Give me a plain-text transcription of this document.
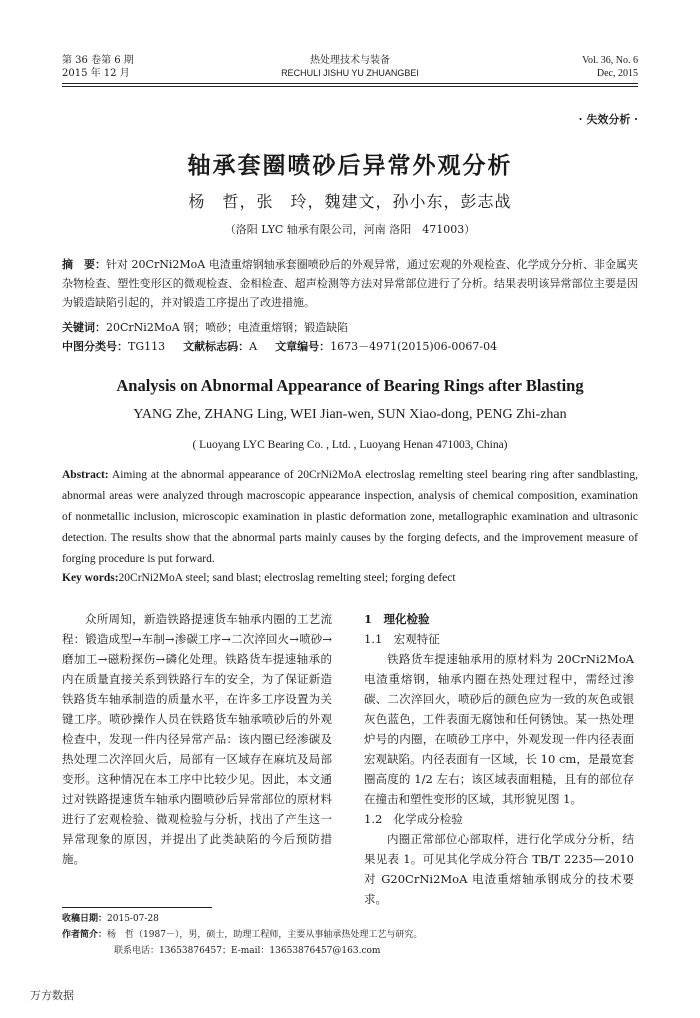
第 36 卷第 6 期
2015 年 12 月
热处理技术与装备
RECHULI JISHU YU ZHUANGBEI
Vol. 36, No. 6
Dec, 2015
· 失效分析 ·
轴承套圈喷砂后异常外观分析
杨　哲，张　玲，魏建文，孙小东，彭志战
（洛阳 LYC 轴承有限公司，河南 洛阳　471003）
摘　要：针对 20CrNi2MoA 电渣重熔钢轴承套圈喷砂后的外观异常，通过宏观的外观检查、化学成分分析、非金属夹杂物检查、塑性变形区的微观检查、金相检查、超声检测等方法对异常部位进行了分析。结果表明该异常部位主要是因为锻造缺陷引起的，并对锻造工序提出了改进措施。
关键词：20CrNi2MoA 钢；喷砂；电渣重熔钢；锻造缺陷
中图分类号：TG113 文献标志码：A 文章编号：1673－4971(2015)06-0067-04
Analysis on Abnormal Appearance of Bearing Rings after Blasting
YANG Zhe, ZHANG Ling, WEI Jian-wen, SUN Xiao-dong, PENG Zhi-zhan
( Luoyang LYC Bearing Co. , Ltd. , Luoyang Henan 471003, China)
Abstract: Aiming at the abnormal appearance of 20CrNi2MoA electroslag remelting steel bearing ring after sandblasting, abnormal areas were analyzed through macroscopic appearance inspection, analysis of chemical composition, examination of nonmetallic inclusion, microscopic examination in plastic deformation zone, metallographic examination and ultrasonic detection. The results show that the abnormal parts mainly causes by the forging defects, and the improvement measure of forging procedure is put forward.
Key words:20CrNi2MoA steel; sand blast; electroslag remelting steel; forging defect

众所周知，新造铁路提速货车轴承内圈的工艺流程：锻造成型→车制→渗碳工序→二次淬回火→喷砂→磨加工→磁粉探伤→磷化处理。铁路货车提速轴承的内在质量直接关系到铁路行车的安全，为了保证新造铁路货车轴承制造的质量水平，在许多工序设置为关键工序。喷砂操作人员在铁路货车轴承喷砂后的外观检查中，发现一件内径异常产品：该内圈已经渗碳及热处理二次淬回火后，局部有一区域存在麻坑及局部变形。这种情况在本工序中比较少见。因此，本文通过对铁路提速货车轴承内圈喷砂后异常部位的原材料进行了宏观检验、微观检验与分析，找出了产生这一异常现象的原因，并提出了此类缺陷的今后预防措施。

1　理化检验
1.1　宏观特征

铁路货车提速轴承用的原材料为 20CrNi2MoA 电渣重熔钢，轴承内圈在热处理过程中，需经过渗碳、二次淬回火，喷砂后的颜色应为一致的灰色或银灰色蓝色，工件表面无腐蚀和任何锈蚀。某一热处理炉号的内圈，在喷砂工序中，外观发现一件内径表面宏观缺陷。内径表面有一区域，长 10 cm，是最宽套圈高度的 1/2 左右；该区域表面粗糙，且有的部位存在撞击和塑性变形的区域，其形貌见图 1。

1.2　化学成分检验

内圈正常部位心部取样，进行化学成分分析，结果见表 1。可见其化学成分符合 TB/T 2235—2010 对 G20CrNi2MoA 电渣重熔轴承钢成分的技术要求。

收稿日期：2015-07-28
作者简介：杨　哲（1987－），男，硕士，助理工程师，主要从事轴承热处理工艺与研究。
联系电话：13653876457；E-mail：13653876457@163.com
万方数据
